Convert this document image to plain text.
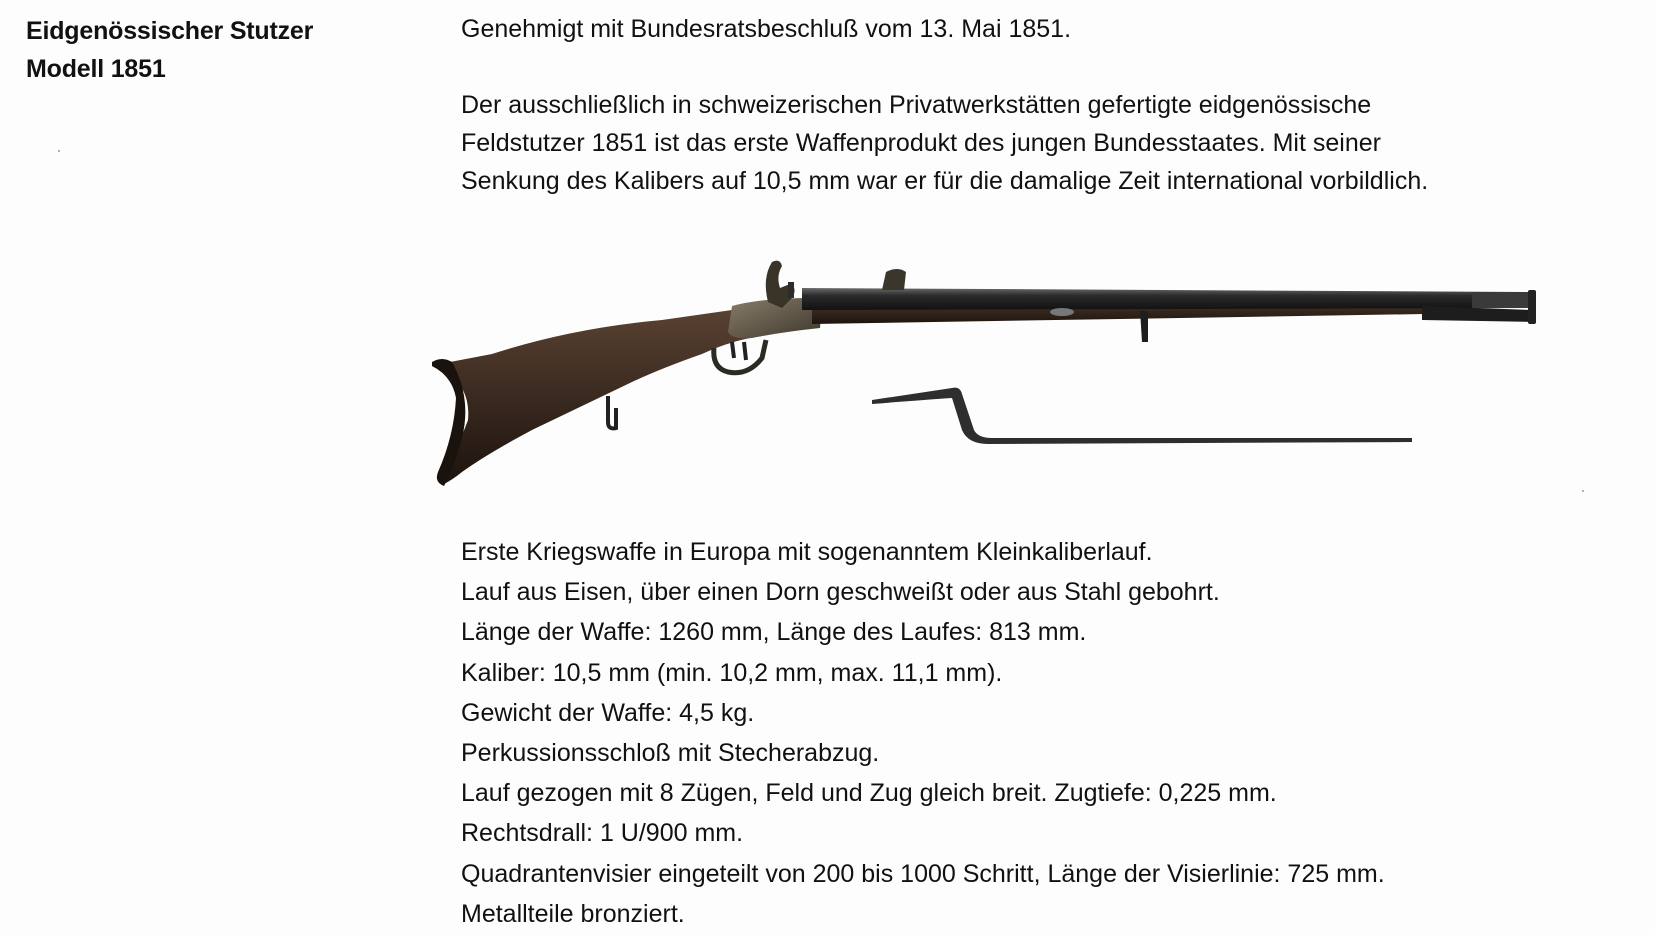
Eidgenössischer Stutzer
Modell 1851

Genehmigt mit Bundesratsbeschluß vom 13. Mai 1851.

Der ausschließlich in schweizerischen Privatwerkstätten gefertigte eidgenössische

Feldstutzer 1851 ist das erste Waffenprodukt des jungen Bundesstaates. Mit seiner

Senkung des Kalibers auf 10,5 mm war er für die damalige Zeit international vorbildlich.

Erste Kriegswaffe in Europa mit sogenanntem Kleinkaliberlauf.
Lauf aus Eisen, über einen Dorn geschweißt oder aus Stahl gebohrt.
Länge der Waffe: 1260 mm, Länge des Laufes: 813 mm.
Kaliber: 10,5 mm (min. 10,2 mm, max. 11,1 mm).
Gewicht der Waffe: 4,5 kg.
Perkussionsschloß mit Stecherabzug.
Lauf gezogen mit 8 Zügen, Feld und Zug gleich breit. Zugtiefe: 0,225 mm.
Rechtsdrall: 1 U/900 mm.
Quadrantenvisier eingeteilt von 200 bis 1000 Schritt, Länge der Visierlinie: 725 mm.
Metallteile bronziert.
